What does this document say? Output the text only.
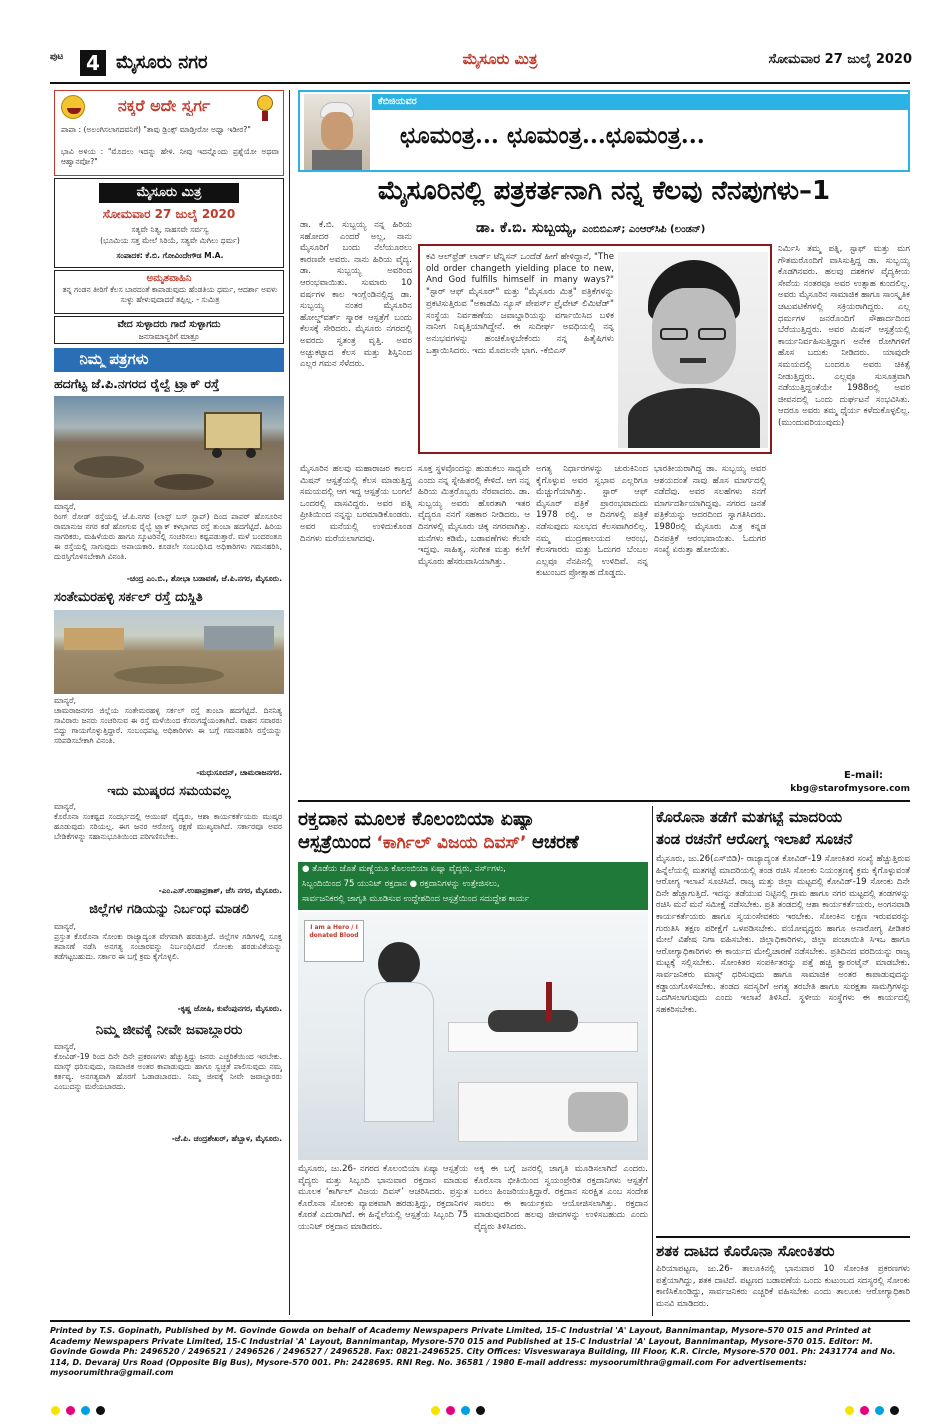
ಪುಟ	4 ಮೈಸೂರು ನಗರ	ಮೈಸೂರು ಮಿತ್ರ	ಸೋಮವಾರ 27 ಜುಲೈ 2020
ನಕ್ಕರೆ ಅದೇ ಸ್ವರ್ಗ
ಪಾಪಾ : (ಅಲಂಗಿಸಲಾಗದವನಿಗೆ) "ತಾವು ಡ್ರಿಂಕ್ಸ್ ಮಾಡ್ತೀರೋ ಅಥ್ವಾ ಇಡೀರ?"
ಭಾವಿ ಅಳಿಯ : "ಮೊದಲು ಇದನ್ನು ಹೇಳಿ. ನೀವು ಇದನ್ನೊಂದು ಪ್ರಶ್ನೆಯೋ ಅಥವಾ ಆಹ್ವಾನವೋ?"
ಮೈಸೂರು ಮಿತ್ರ
ಸೋಮವಾರ 27 ಜುಲೈ 2020
ಸತ್ಯವೇ ನಿತ್ಯ, ಸಾಹಸವೇ ಸರ್ವಸ್ವ
(ಭೂಮಿಯ ಸತ್ತ ಮೇಲೆ ಸಿರಿಯೆ, ಸತ್ಯವೇ ಮಿಗಿಲು ಧರ್ಮ)
ಸಂಪಾದಕ: ಕೆ.ಬಿ. ಗೋವಿಂದೇಗೌಡ M.A.
ಅಮೃತವಾಹಿನಿ
ತನ್ನ ಗಂಡನ ತೀರಿಗೆ ಕೆಲಸ ಬಾರದಂತೆ ಕಾಪಾಡುವುದು ಹೆಂಡತಿಯ ಧರ್ಮ, ಆದರ್ಶಾ ಅವಳು ಸುಳ್ಳು ಹೇಳುವುದಾದರೆ ತಪ್ಪಿಲ್ಲ. - ಸುಮಿತ್ರ
ವೇದ ಸುಳ್ಳಾದರು ಗಾದೆ ಸುಳ್ಳಾಗದು
ಜನಸಾಮಾನ್ಯರಿಗೆ ಮಾತ್ರೂ
ನಿಮ್ಮ ಪತ್ರಗಳು
ಹದಗೆಟ್ಟ ಜೆ.ಪಿ.ನಗರದ ರೈಲ್ವೆ ಟ್ರ್ಯಾಕ್ ರಸ್ತೆ
ಮಾನ್ಯರೆ,
ರಿಂಗ್ ರೋಡ್ ರಸ್ತೆಯಲ್ಲಿ ಜೆ.ಪಿ.ನಗರ (ಲಾಸ್ಟ್ ಬಸ್ ಸ್ಟಾಪ್) ದಿಂದ ಪಾಪರ್ ಹೊಸೂರಿನ ರಾಮಾನುಜ ನಗರ ಕಡೆ ಹೋಗುವ ರೈಲ್ವೆ ಟ್ರ್ಯಾಕ್ ಕಳಭಾಗದ ರಸ್ತೆ ತುಂಬಾ ಹದಗೆಟ್ಟಿದೆ. ಹಿರಿಯ ನಾಗರಿಕರು, ಮಹಿಳೆಯರು ಹಾಗೂ ಸ್ಕೂಟರಿನಲ್ಲಿ ಸಂಚರಿಸಲು ಕಷ್ಟಪಡುತ್ತಾರೆ. ಮಳೆ ಬಂದರಂತೂ ಈ ರಸ್ತೆಯಲ್ಲಿ ಸಾಗುವುದು ಅಪಾಯಕಾರಿ. ಕೂಡಲೇ ಸಂಬಂಧಿಸಿದ ಅಧಿಕಾರಿಗಳು ಗಮನಹರಿಸಿ, ದುರಸ್ತಿಗೊಳಿಸಬೇಕಾಗಿ ವಿನಂತಿ.
-ಚಂದ್ರ ಎಂ.ಬಿ., ಶೋಭಾ ಬಡಾವಣೆ, ಜೆ.ಪಿ.ನಗರ, ಮೈಸೂರು.
ಸಂತೇಮರಹಳ್ಳಿ ಸರ್ಕಲ್ ರಸ್ತೆ ದುಸ್ಥಿತಿ
ಮಾನ್ಯರೆ,
ಚಾಮರಾಜನಗರ ಜಿಲ್ಲೆಯ ಸಂತೇಮರಹಳ್ಳಿ ಸರ್ಕಲ್ ರಸ್ತೆ ತುಂಬಾ ಹದಗೆಟ್ಟಿದೆ. ದಿನನಿತ್ಯ ಸಾವಿರಾರು ಜನರು ಸಂಚರಿಸುವ ಈ ರಸ್ತೆ ಮಳೆಯಿಂದ ಕೆಸರುಗದ್ದೆಯಂತಾಗಿದೆ. ವಾಹನ ಸವಾರರು ಬಿದ್ದು ಗಾಯಗೊಳ್ಳುತ್ತಿದ್ದಾರೆ. ಸಂಬಂಧಪಟ್ಟ ಅಧಿಕಾರಿಗಳು ಈ ಬಗ್ಗೆ ಗಮನಹರಿಸಿ ರಸ್ತೆಯನ್ನು ಸರಿಪಡಿಸಬೇಕಾಗಿ ವಿನಂತಿ.
-ಮಧುಸೂದನ್, ಚಾಮರಾಜನಗರ.
ಇದು ಮುಷ್ಕರದ ಸಮಯವಲ್ಲ
ಮಾನ್ಯರೆ,
ಕೊರೊನಾ ಸಂಕಷ್ಟದ ಸಂದರ್ಭದಲ್ಲಿ ಆಯುಷ್ ವೈದ್ಯರು, ಆಶಾ ಕಾರ್ಯಕರ್ತೆಯರು ಮುಷ್ಕರ ಹೂಡುವುದು ಸರಿಯಲ್ಲ. ಈಗ ಜನರ ಆರೋಗ್ಯ ರಕ್ಷಣೆ ಮುಖ್ಯವಾಗಿದೆ. ಸರ್ಕಾರವೂ ಅವರ ಬೇಡಿಕೆಗಳನ್ನು ಸಹಾನುಭೂತಿಯಿಂದ ಪರಿಗಣಿಸಬೇಕು.
-ಎಂ.ಎಸ್.ಉಷಾಪ್ರಕಾಶ್, ಜೆಸಿ ನಗರ, ಮೈಸೂರು.
ಜಿಲ್ಲೆಗಳ ಗಡಿಯನ್ನು ನಿರ್ಬಂಧ ಮಾಡಲಿ
ಮಾನ್ಯರೆ,
ಪ್ರಸ್ತುತ ಕೊರೊನಾ ಸೋಂಕು ರಾಜ್ಯಾದ್ಯಂತ ವೇಗವಾಗಿ ಹರಡುತ್ತಿದೆ. ಜಿಲ್ಲೆಗಳ ಗಡಿಗಳಲ್ಲಿ ಸೂಕ್ತ ತಪಾಸಣೆ ನಡೆಸಿ ಅನಗತ್ಯ ಸಂಚಾರವನ್ನು ನಿರ್ಬಂಧಿಸಿದರೆ ಸೋಂಕು ಹರಡುವಿಕೆಯನ್ನು ತಡೆಗಟ್ಟಬಹುದು. ಸರ್ಕಾರ ಈ ಬಗ್ಗೆ ಕ್ರಮ ಕೈಗೊಳ್ಳಲಿ.
-ಕೃಷ್ಣ ಜೋಷಿ, ಕುವೆಂಪುನಗರ, ಮೈಸೂರು.
ನಿಮ್ಮ ಜೀವಕ್ಕೆ ನೀವೇ ಜವಾಬ್ದಾರರು
ಮಾನ್ಯರೆ,
ಕೋವಿಡ್-19 ರಿಂದ ದಿನೇ ದಿನೇ ಪ್ರಕರಣಗಳು ಹೆಚ್ಚುತ್ತಿದ್ದು ಜನರು ಎಚ್ಚರಿಕೆಯಿಂದ ಇರಬೇಕು. ಮಾಸ್ಕ್ ಧರಿಸುವುದು, ಸಾಮಾಜಿಕ ಅಂತರ ಕಾಪಾಡುವುದು ಹಾಗೂ ಸ್ವಚ್ಛತೆ ಪಾಲಿಸುವುದು ನಮ್ಮ ಕರ್ತವ್ಯ. ಅನಗತ್ಯವಾಗಿ ಹೊರಗೆ ಓಡಾಡಬಾರದು. ನಿಮ್ಮ ಜೀವಕ್ಕೆ ನೀವೇ ಜವಾಬ್ದಾರರು ಎಂಬುದನ್ನು ಮರೆಯಬಾರದು.
-ಜೆ.ಪಿ. ಚಂದ್ರಶೇಖರ್, ಹೆಬ್ಬಾಳ, ಮೈಸೂರು.
ಕೆಬಿಜಿಯವರ
ಛೂಮಂತ್ರ... ಛೂಮಂತ್ರ...ಛೂಮಂತ್ರ...
ಮೈಸೂರಿನಲ್ಲಿ ಪತ್ರಕರ್ತನಾಗಿ ನನ್ನ ಕೆಲವು ನೆನಪುಗಳು–1
ಡಾ. ಕೆ.ಬಿ. ಸುಬ್ಬಯ್ಯ, ಎಂಬಿಬಿಎಸ್; ಎಂಆರ್‌ಸಿಪಿ (ಲಂಡನ್)
ಡಾ. ಕೆ.ಬಿ. ಸುಬ್ಬಯ್ಯ ನನ್ನ ಹಿರಿಯ ಸಹೋದರ ಎಂದರೆ ಅಲ್ಲ, ನಾನು ಮೈಸೂರಿಗೆ ಬಂದು ನೆಲೆಯೂರಲು ಕಾರಣವೇ ಅವರು. ನಾನು ಹಿರಿಯ ವೈದ್ಯ. ಡಾ. ಸುಬ್ಬಯ್ಯ ಅವರಿಂದ ಆರಂಭವಾಯಿತು. ಸುಮಾರು 10 ವರ್ಷಗಳ ಕಾಲ ಇಂಗ್ಲೆಂಡಿನಲ್ಲಿದ್ದ ಡಾ. ಸುಬ್ಬಯ್ಯ ನಂತರ ಮೈಸೂರಿನ ಹೋಲ್ಡ್‌ವರ್ತ್ ಸ್ಮಾರಕ ಆಸ್ಪತ್ರೆಗೆ ಬಂದು ಕೆಲಸಕ್ಕೆ ಸೇರಿದರು. ಮೈಸೂರು ನಗರದಲ್ಲಿ ಅವರದು ಸ್ವತಂತ್ರ ವೃತ್ತಿ. ಅವರ ಅಚ್ಚುಕಟ್ಟಾದ ಕೆಲಸ ಮತ್ತು ಶಿಸ್ತಿನಿಂದ ಎಲ್ಲರ ಗಮನ ಸೆಳೆದರು.
ಮೈಸೂರಿನ ಹಲವು ಮಹಾರಾಜರ ಕಾಲದ ಮಿಷನ್ ಆಸ್ಪತ್ರೆಯಲ್ಲಿ ಕೆಲಸ ಮಾಡುತ್ತಿದ್ದ ಸಮಯದಲ್ಲಿ ಆಗ ಇದ್ದ ಆಸ್ಪತ್ರೆಯ ಬಂಗಲೆ ಒಂದರಲ್ಲಿ ವಾಸವಿದ್ದರು. ಅವರ ಪತ್ನಿ ಪ್ರೀತಿಯಿಂದ ನನ್ನನ್ನು ಬರಮಾಡಿಕೊಂಡರು. ಅವರ ಮನೆಯಲ್ಲಿ ಉಳಿದುಕೊಂಡ ದಿನಗಳು ಮರೆಯಲಾಗದವು.
ಕವಿ ಆಲ್‌ಫ್ರೆಡ್ ಲಾರ್ಡ್ ಟೆನ್ನಿಸನ್ ಒಂದೆಡೆ ಹೀಗೆ ಹೇಳಿದ್ದಾನೆ, "The old order changeth yielding place to new, And God fulfills himself in many ways?" "ಸ್ಟಾರ್ ಆಫ್ ಮೈಸೂರ್" ಮತ್ತು "ಮೈಸೂರು ಮಿತ್ರ" ಪತ್ರಿಕೆಗಳನ್ನು ಪ್ರಕಟಿಸುತ್ತಿರುವ "ಅಕಾಡೆಮಿ ನ್ಯೂಸ್ ಪೇಪರ್ಸ್ ಪ್ರೈವೇಟ್ ಲಿಮಿಟೆಡ್" ಸಂಸ್ಥೆಯ ನಿರ್ವಹಣೆಯ ಜವಾಬ್ದಾರಿಯನ್ನು ವರ್ಗಾಯಿಸಿದ ಬಳಿಕ ನಾನೀಗ ನಿವೃತ್ತಿಯಾಗಿದ್ದೇನೆ. ಈ ಸುದೀರ್ಘ ಅವಧಿಯಲ್ಲಿ ನನ್ನ ಅನುಭವಗಳನ್ನು ಹಂಚಿಕೊಳ್ಳಬೇಕೆಂದು ನನ್ನ ಹಿತೈಷಿಗಳು ಒತ್ತಾಯಿಸಿದರು. ಇದು ಮೊದಲನೇ ಭಾಗ. -ಕೆಬಿಎಸ್
ಸೂಕ್ತ ಸ್ಥಳವೊಂದನ್ನು ಹುಡುಕಲು ಸಾಧ್ಯವೇ ಎಂದು ನನ್ನ ಸ್ನೇಹಿತರಲ್ಲಿ ಕೇಳಿದೆ. ಆಗ ನನ್ನ ಹಿರಿಯ ಮಿತ್ರರೊಬ್ಬರು ನೆರವಾದರು. ಡಾ. ಸುಬ್ಬಯ್ಯ ಅವರು ಹೊರತಾಗಿ ಇತರ ವೈದ್ಯರೂ ನನಗೆ ಸಹಕಾರ ನೀಡಿದರು. ಆ ದಿನಗಳಲ್ಲಿ ಮೈಸೂರು ಚಿಕ್ಕ ನಗರವಾಗಿತ್ತು. ಮನೆಗಳು ಕಡಿಮೆ, ಬಡಾವಣೆಗಳು ಕೆಲವೇ ಇದ್ದವು. ಸಾಹಿತ್ಯ, ಸಂಗೀತ ಮತ್ತು ಕಲೆಗೆ ಮೈಸೂರು ಹೆಸರುವಾಸಿಯಾಗಿತ್ತು.
ಅಗತ್ಯ ನಿರ್ಧಾರಗಳನ್ನು ಚುರುಕಿನಿಂದ ಕೈಗೊಳ್ಳುವ ಅವರ ಸ್ವಭಾವ ಎಲ್ಲರಿಗೂ ಮೆಚ್ಚುಗೆಯಾಗಿತ್ತು. ಸ್ಟಾರ್ ಆಫ್ ಮೈಸೂರ್ ಪತ್ರಿಕೆ ಪ್ರಾರಂಭವಾದುದು 1978 ರಲ್ಲಿ. ಆ ದಿನಗಳಲ್ಲಿ ಪತ್ರಿಕೆ ನಡೆಸುವುದು ಸುಲಭದ ಕೆಲಸವಾಗಿರಲಿಲ್ಲ. ನಮ್ಮ ಮುದ್ರಣಾಲಯದ ಆರಂಭ, ಕೆಲಸಗಾರರು ಮತ್ತು ಓದುಗರ ಬೆಂಬಲ ಎಲ್ಲವೂ ನೆನಪಿನಲ್ಲಿ ಉಳಿದಿವೆ. ನನ್ನ ಕುಟುಂಬದ ಪ್ರೋತ್ಸಾಹ ದೊಡ್ಡದು.
ಭಾರತೀಯರಾಗಿದ್ದ ಡಾ. ಸುಬ್ಬಯ್ಯ ಅವರ ಆಶಯದಂತೆ ನಾವು ಹೊಸ ಮಾರ್ಗದಲ್ಲಿ ನಡೆದೆವು. ಅವರ ಸಲಹೆಗಳು ನನಗೆ ಮಾರ್ಗದರ್ಶಿಯಾಗಿದ್ದವು. ನಗರದ ಜನತೆ ಪತ್ರಿಕೆಯನ್ನು ಆದರದಿಂದ ಸ್ವಾಗತಿಸಿದರು. 1980ರಲ್ಲಿ ಮೈಸೂರು ಮಿತ್ರ ಕನ್ನಡ ದಿನಪತ್ರಿಕೆ ಆರಂಭವಾಯಿತು. ಓದುಗರ ಸಂಖ್ಯೆ ಏರುತ್ತಾ ಹೋಯಿತು.
ನಿರ್ಮಿಸಿ ತಮ್ಮ ಪತ್ನಿ, ಸ್ಟಾಫ್ ಮತ್ತು ಮಗ ಗೌತಮರೊಂದಿಗೆ ವಾಸಿಸುತ್ತಿದ್ದ ಡಾ. ಸುಬ್ಬಯ್ಯ ಕೊಡಗಿನವರು. ಹಲವು ದಶಕಗಳ ವೈದ್ಯಕೀಯ ಸೇವೆಯ ನಂತರವೂ ಅವರ ಉತ್ಸಾಹ ಕುಂದಲಿಲ್ಲ. ಅವರು ಮೈಸೂರಿನ ಸಾಮಾಜಿಕ ಹಾಗೂ ಸಾಂಸ್ಕೃತಿಕ ಚಟುವಟಿಕೆಗಳಲ್ಲಿ ಸಕ್ರಿಯರಾಗಿದ್ದರು. ಎಲ್ಲ ಧರ್ಮಗಳ ಜನರೊಂದಿಗೆ ಸೌಹಾರ್ದದಿಂದ ಬೆರೆಯುತ್ತಿದ್ದರು. ಅವರ ಮಿಷನ್ ಆಸ್ಪತ್ರೆಯಲ್ಲಿ ಕಾರ್ಯನಿರ್ವಹಿಸುತ್ತಿದ್ದಾಗ ಅನೇಕ ರೋಗಿಗಳಿಗೆ ಹೊಸ ಬದುಕು ನೀಡಿದರು. ಯಾವುದೇ ಸಮಯದಲ್ಲಿ ಬಂದರೂ ಅವರು ಚಿಕಿತ್ಸೆ ನೀಡುತ್ತಿದ್ದರು. ಎಲ್ಲವೂ ಸುಸೂತ್ರವಾಗಿ ನಡೆಯುತ್ತಿದ್ದಂತೆಯೇ 1988ರಲ್ಲಿ ಅವರ ಜೀವನದಲ್ಲಿ ಒಂದು ದುರ್ಘಟನೆ ಸಂಭವಿಸಿತು. ಆದರೂ ಅವರು ತಮ್ಮ ಧೈರ್ಯ ಕಳೆದುಕೊಳ್ಳಲಿಲ್ಲ. (ಮುಂದುವರಿಯುವುದು)
E-mail:
kbg@starofmysore.com
ರಕ್ತದಾನ ಮೂಲಕ ಕೊಲಂಬಿಯಾ ಏಷ್ಯಾ
ಆಸ್ಪತ್ರೆಯಿಂದ ‘ಕಾರ್ಗಿಲ್ ವಿಜಯ ದಿವಸ್’ ಆಚರಣೆ
● ತೊಡೆಯ ಜೊತೆ ಮಣ್ಣೆಯೂ ಕೊಲಂಬಿಯಾ ಏಷ್ಯಾ ವೈದ್ಯರು, ನರ್ಸ್‌ಗಳು,
ಸಿಬ್ಬಂದಿಯಿಂದ 75 ಯುನಿಟ್ ರಕ್ತದಾನ ● ರಕ್ತದಾನಿಗಳನ್ನು ಉತ್ತೇಜಿಸಲು,
ಸಾರ್ವಜನಿಕರಲ್ಲಿ ಜಾಗೃತಿ ಮೂಡಿಸುವ ಉದ್ದೇಶದಿಂದ ಆಸ್ಪತ್ರೆಯಿಂದ ಸದುದ್ದೇಶ ಕಾರ್ಯ
I am a Hero / I donated Blood
ಮೈಸೂರು, ಜು.26- ನಗರದ ಕೊಲಂಬಿಯಾ ಏಷ್ಯಾ ಆಸ್ಪತ್ರೆಯ ವೈದ್ಯರು ಮತ್ತು ಸಿಬ್ಬಂದಿ ಭಾನುವಾರ ರಕ್ತದಾನ ಮಾಡುವ ಮೂಲಕ ‘ಕಾರ್ಗಿಲ್ ವಿಜಯ ದಿವಸ್’ ಆಚರಿಸಿದರು. ಪ್ರಸ್ತುತ ಕೊರೊನಾ ಸೋಂಕು ವ್ಯಾಪಕವಾಗಿ ಹರಡುತ್ತಿದ್ದು, ರಕ್ತದಾನಿಗಳ ಕೊರತೆ ಎದುರಾಗಿದೆ. ಈ ಹಿನ್ನೆಲೆಯಲ್ಲಿ ಆಸ್ಪತ್ರೆಯ ಸಿಬ್ಬಂದಿ 75 ಯುನಿಟ್ ರಕ್ತದಾನ ಮಾಡಿದರು.
ಅಕ್ಕ ಈ ಬಗ್ಗೆ ಜನರಲ್ಲಿ ಜಾಗೃತಿ ಮೂಡಿಸಲಾಗಿದೆ ಎಂದರು. ಕೊರೊನಾ ಭೀತಿಯಿಂದ ಸ್ವಯಂಪ್ರೇರಿತ ರಕ್ತದಾನಿಗಳು ಆಸ್ಪತ್ರೆಗೆ ಬರಲು ಹಿಂಜರಿಯುತ್ತಿದ್ದಾರೆ. ರಕ್ತದಾನ ಸುರಕ್ಷಿತ ಎಂಬ ಸಂದೇಶ ಸಾರಲು ಈ ಕಾರ್ಯಕ್ರಮ ಆಯೋಜಿಸಲಾಗಿತ್ತು. ರಕ್ತದಾನ ಮಾಡುವುದರಿಂದ ಹಲವು ಜೀವಗಳನ್ನು ಉಳಿಸಬಹುದು ಎಂದು ವೈದ್ಯರು ತಿಳಿಸಿದರು.
ಕೊರೊನಾ ತಡೆಗೆ ಮತಗಟ್ಟೆ ಮಾದರಿಯ
ತಂಡ ರಚನೆಗೆ ಆರೋಗ್ಯ ಇಲಾಖೆ ಸೂಚನೆ
ಮೈಸೂರು, ಜು.26(ಎಸ್‌ಬಿಡಿ)- ರಾಜ್ಯಾದ್ಯಂತ ಕೋವಿಡ್-19 ಸೋಂಕಿತರ ಸಂಖ್ಯೆ ಹೆಚ್ಚುತ್ತಿರುವ ಹಿನ್ನೆಲೆಯಲ್ಲಿ ಮತಗಟ್ಟೆ ಮಾದರಿಯಲ್ಲಿ ತಂಡ ರಚಿಸಿ ಸೋಂಕು ನಿಯಂತ್ರಣಕ್ಕೆ ಕ್ರಮ ಕೈಗೊಳ್ಳುವಂತೆ ಆರೋಗ್ಯ ಇಲಾಖೆ ಸೂಚಿಸಿದೆ. ರಾಜ್ಯ ಮತ್ತು ಜಿಲ್ಲಾ ಮಟ್ಟದಲ್ಲಿ ಕೋವಿಡ್-19 ಸೋಂಕು ದಿನೇ ದಿನೇ ಹೆಚ್ಚಾಗುತ್ತಿದೆ. ಇದನ್ನು ತಡೆಯುವ ನಿಟ್ಟಿನಲ್ಲಿ ಗ್ರಾಮ ಹಾಗೂ ನಗರ ಮಟ್ಟದಲ್ಲಿ ತಂಡಗಳನ್ನು ರಚಿಸಿ ಮನೆ ಮನೆ ಸಮೀಕ್ಷೆ ನಡೆಸಬೇಕು. ಪ್ರತಿ ತಂಡದಲ್ಲಿ ಆಶಾ ಕಾರ್ಯಕರ್ತೆಯರು, ಅಂಗನವಾಡಿ ಕಾರ್ಯಕರ್ತೆಯರು ಹಾಗೂ ಸ್ವಯಂಸೇವಕರು ಇರಬೇಕು. ಸೋಂಕಿನ ಲಕ್ಷಣ ಇರುವವರನ್ನು ಗುರುತಿಸಿ ತಕ್ಷಣ ಪರೀಕ್ಷೆಗೆ ಒಳಪಡಿಸಬೇಕು. ವಯೋವೃದ್ಧರು ಹಾಗೂ ಅನಾರೋಗ್ಯ ಪೀಡಿತರ ಮೇಲೆ ವಿಶೇಷ ನಿಗಾ ವಹಿಸಬೇಕು. ಜಿಲ್ಲಾಧಿಕಾರಿಗಳು, ಜಿಲ್ಲಾ ಪಂಚಾಯಿತಿ ಸಿಇಒ ಹಾಗೂ ಆರೋಗ್ಯಾಧಿಕಾರಿಗಳು ಈ ಕಾರ್ಯದ ಮೇಲ್ವಿಚಾರಣೆ ನಡೆಸಬೇಕು. ಪ್ರತಿದಿನದ ವರದಿಯನ್ನು ರಾಜ್ಯ ಮಟ್ಟಕ್ಕೆ ಸಲ್ಲಿಸಬೇಕು. ಸೋಂಕಿತರ ಸಂಪರ್ಕಿತರನ್ನು ಪತ್ತೆ ಹಚ್ಚಿ ಕ್ವಾರಂಟೈನ್ ಮಾಡಬೇಕು. ಸಾರ್ವಜನಿಕರು ಮಾಸ್ಕ್ ಧರಿಸುವುದು ಹಾಗೂ ಸಾಮಾಜಿಕ ಅಂತರ ಕಾಪಾಡುವುದನ್ನು ಕಡ್ಡಾಯಗೊಳಿಸಬೇಕು. ತಂಡದ ಸದಸ್ಯರಿಗೆ ಅಗತ್ಯ ತರಬೇತಿ ಹಾಗೂ ಸುರಕ್ಷತಾ ಸಾಮಗ್ರಿಗಳನ್ನು ಒದಗಿಸಲಾಗುವುದು ಎಂದು ಇಲಾಖೆ ತಿಳಿಸಿದೆ. ಸ್ಥಳೀಯ ಸಂಸ್ಥೆಗಳು ಈ ಕಾರ್ಯದಲ್ಲಿ ಸಹಕರಿಸಬೇಕು.
ಶತಕ ದಾಟಿದ ಕೊರೊನಾ ಸೋಂಕಿತರು
ಪಿರಿಯಾಪಟ್ಟಣ, ಜು.26- ತಾಲೂಕಿನಲ್ಲಿ ಭಾನುವಾರ 10 ಸೋಂಕಿತ ಪ್ರಕರಣಗಳು ಪತ್ತೆಯಾಗಿದ್ದು, ಶತಕ ದಾಟಿದೆ. ಪಟ್ಟಣದ ಬಡಾವಣೆಯ ಒಂದು ಕುಟುಂಬದ ಸದಸ್ಯರಲ್ಲಿ ಸೋಂಕು ಕಾಣಿಸಿಕೊಂಡಿದ್ದು, ಸಾರ್ವಜನಿಕರು ಎಚ್ಚರಿಕೆ ವಹಿಸಬೇಕು ಎಂದು ತಾಲೂಕು ಆರೋಗ್ಯಾಧಿಕಾರಿ ಮನವಿ ಮಾಡಿದರು.
Printed by T.S. Gopinath, Published by M. Govinde Gowda on behalf of Academy Newspapers Private Limited, 15-C Industrial 'A' Layout, Bannimantap, Mysore-570 015 and Printed at Academy Newspapers Private Limited, 15-C Industrial 'A' Layout, Bannimantap, Mysore-570 015 and Published at 15-C Industrial 'A' Layout, Bannimantap, Mysore-570 015. Editor: M. Govinde Gowda Ph: 2496520 / 2496521 / 2496526 / 2496527 / 2496528. Fax: 0821-2496525. City Offices: Visveswaraya Building, III Floor, K.R. Circle, Mysore-570 001. Ph: 2431774 and No. 114, D. Devaraj Urs Road (Opposite Big Bus), Mysore-570 001. Ph: 2428695. RNI Reg. No. 36581 / 1980 E-mail address: mysoorumithra@gmail.com For advertisements: mysoorumithra@gmail.com
